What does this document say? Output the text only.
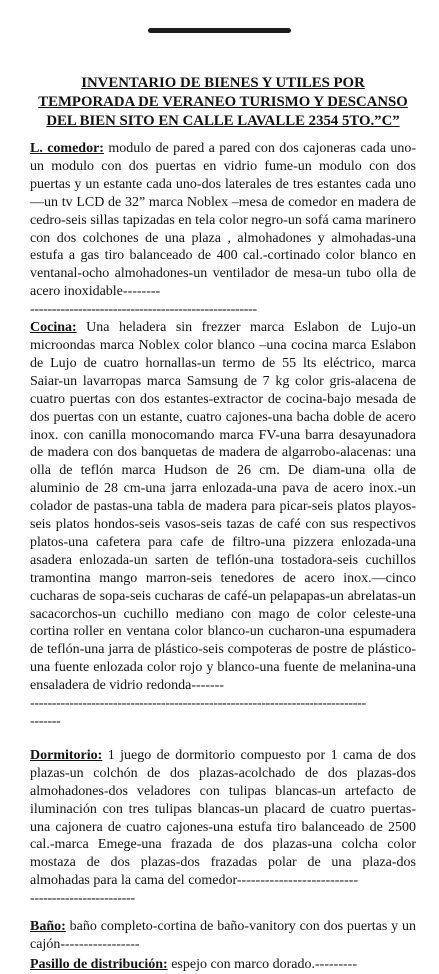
INVENTARIO DE BIENES Y UTILES POR TEMPORADA DE VERANEO TURISMO Y DESCANSO DEL BIEN SITO EN CALLE LAVALLE 2354 5TO.”C”

L. comedor: modulo de pared a pared con dos cajoneras cada uno-un modulo con dos puertas en vidrio fume-un modulo con dos puertas y un estante cada uno-dos laterales de tres estantes cada uno—un tv LCD de 32” marca Noblex –mesa de comedor en madera de cedro-seis sillas tapizadas en tela color negro-un sofá cama marinero con dos colchones de una plaza , almohadones y almohadas-una estufa a gas tiro balanceado de 400 cal.-cortinado color blanco en ventanal-ocho almohadones-un ventilador de mesa-un tubo olla de acero inoxidable--------
----------------------------------------------------

Cocina: Una heladera sin frezzer marca Eslabon de Lujo-un microondas marca Noblex color blanco –una cocina marca Eslabon de Lujo de cuatro hornallas-un termo de 55 lts eléctrico, marca Saiar-un lavarropas marca Samsung de 7 kg color gris-alacena de cuatro puertas con dos estantes-extractor de cocina-bajo mesada de dos puertas con un estante, cuatro cajones-una bacha doble de acero inox. con canilla monocomando marca FV-una barra desayunadora de madera con dos banquetas de madera de algarrobo-alacenas: una olla de teflón marca Hudson de 26 cm. De diam-una olla de aluminio de 28 cm-una jarra enlozada-una pava de acero inox.-un colador de pastas-una tabla de madera para picar-seis platos playos-seis platos hondos-seis vasos-seis tazas de café con sus respectivos platos-una cafetera para cafe de filtro-una pizzera enlozada-una asadera enlozada-un sarten de teflón-una tostadora-seis cuchillos tramontina mango marron-seis tenedores de acero inox.—cinco cucharas de sopa-seis cucharas de café-un pelapapas-un abrelatas-un sacacorchos-un cuchillo mediano con mago de color celeste-una cortina roller en ventana color blanco-un cucharon-una espumadera de teflón-una jarra de plástico-seis compoteras de postre de plástico-una fuente enlozada color rojo y blanco-una fuente de melanina-una ensaladera de vidrio redonda-------
-----------------------------------------------------------------------------
-------

Dormitorio: 1 juego de dormitorio compuesto por 1 cama de dos plazas-un colchón de dos plazas-acolchado de dos plazas-dos almohadones-dos veladores con tulipas blancas-un artefacto de iluminación con tres tulipas blancas-un placard de cuatro puertas-una cajonera de cuatro cajones-una estufa tiro balanceado de 2500 cal.-marca Emege-una frazada de dos plazas-una colcha color mostaza de dos plazas-dos frazadas polar de una plaza-dos almohadas para la cama del comedor--------------------------
------------------------

Baño: baño completo-cortina de baño-vanitory con dos puertas y un cajón-----------------

Pasillo de distribución: espejo con marco dorado.---------
